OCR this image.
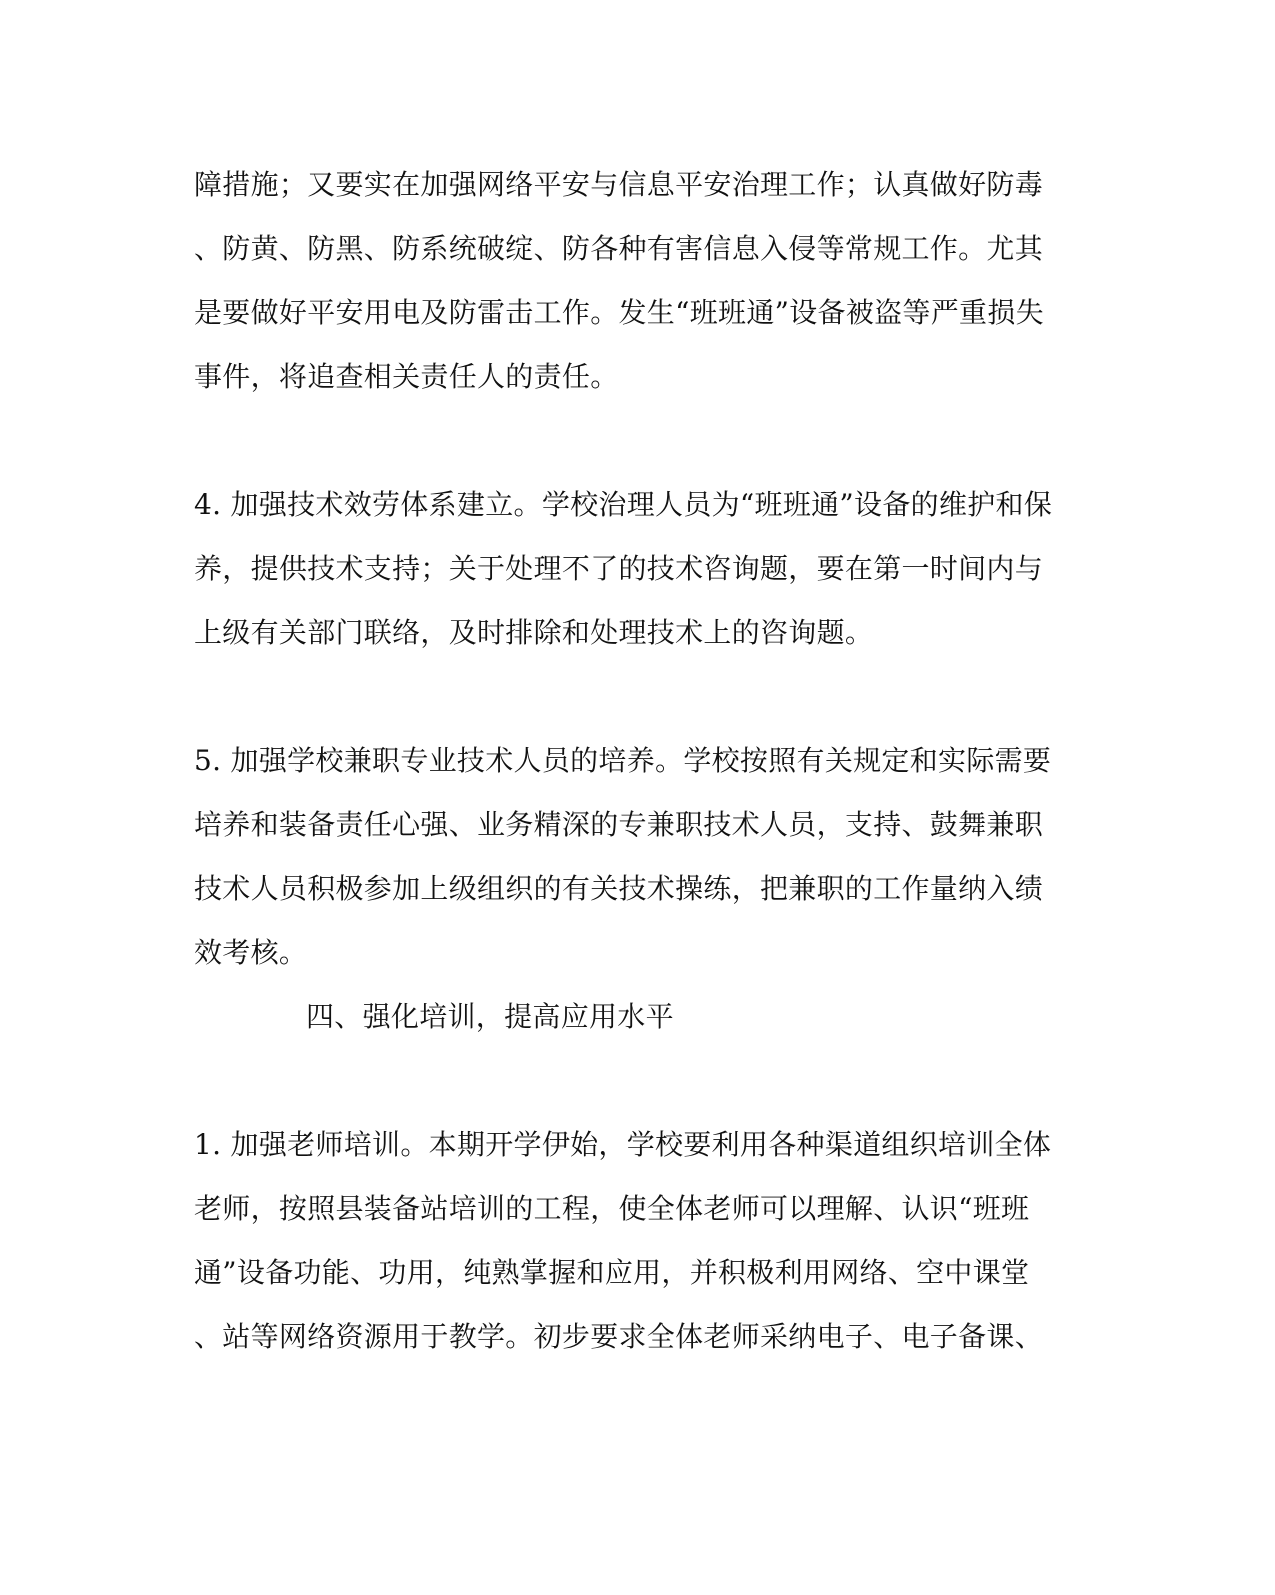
障措施；又要实在加强网络平安与信息平安治理工作；认真做好防毒
、防黄、防黑、防系统破绽、防各种有害信息入侵等常规工作。尤其
是要做好平安用电及防雷击工作。发生“班班通”设备被盗等严重损失
事件，将追查相关责任人的责任。
4. 加强技术效劳体系建立。学校治理人员为“班班通”设备的维护和保
养，提供技术支持；关于处理不了的技术咨询题，要在第一时间内与
上级有关部门联络，及时排除和处理技术上的咨询题。
5. 加强学校兼职专业技术人员的培养。学校按照有关规定和实际需要
培养和装备责任心强、业务精深的专兼职技术人员，支持、鼓舞兼职
技术人员积极参加上级组织的有关技术操练，把兼职的工作量纳入绩
效考核。
四、强化培训，提高应用水平
1. 加强老师培训。本期开学伊始，学校要利用各种渠道组织培训全体
老师，按照县装备站培训的工程，使全体老师可以理解、认识“班班
通”设备功能、功用，纯熟掌握和应用，并积极利用网络、空中课堂
、站等网络资源用于教学。初步要求全体老师采纳电子、电子备课、
